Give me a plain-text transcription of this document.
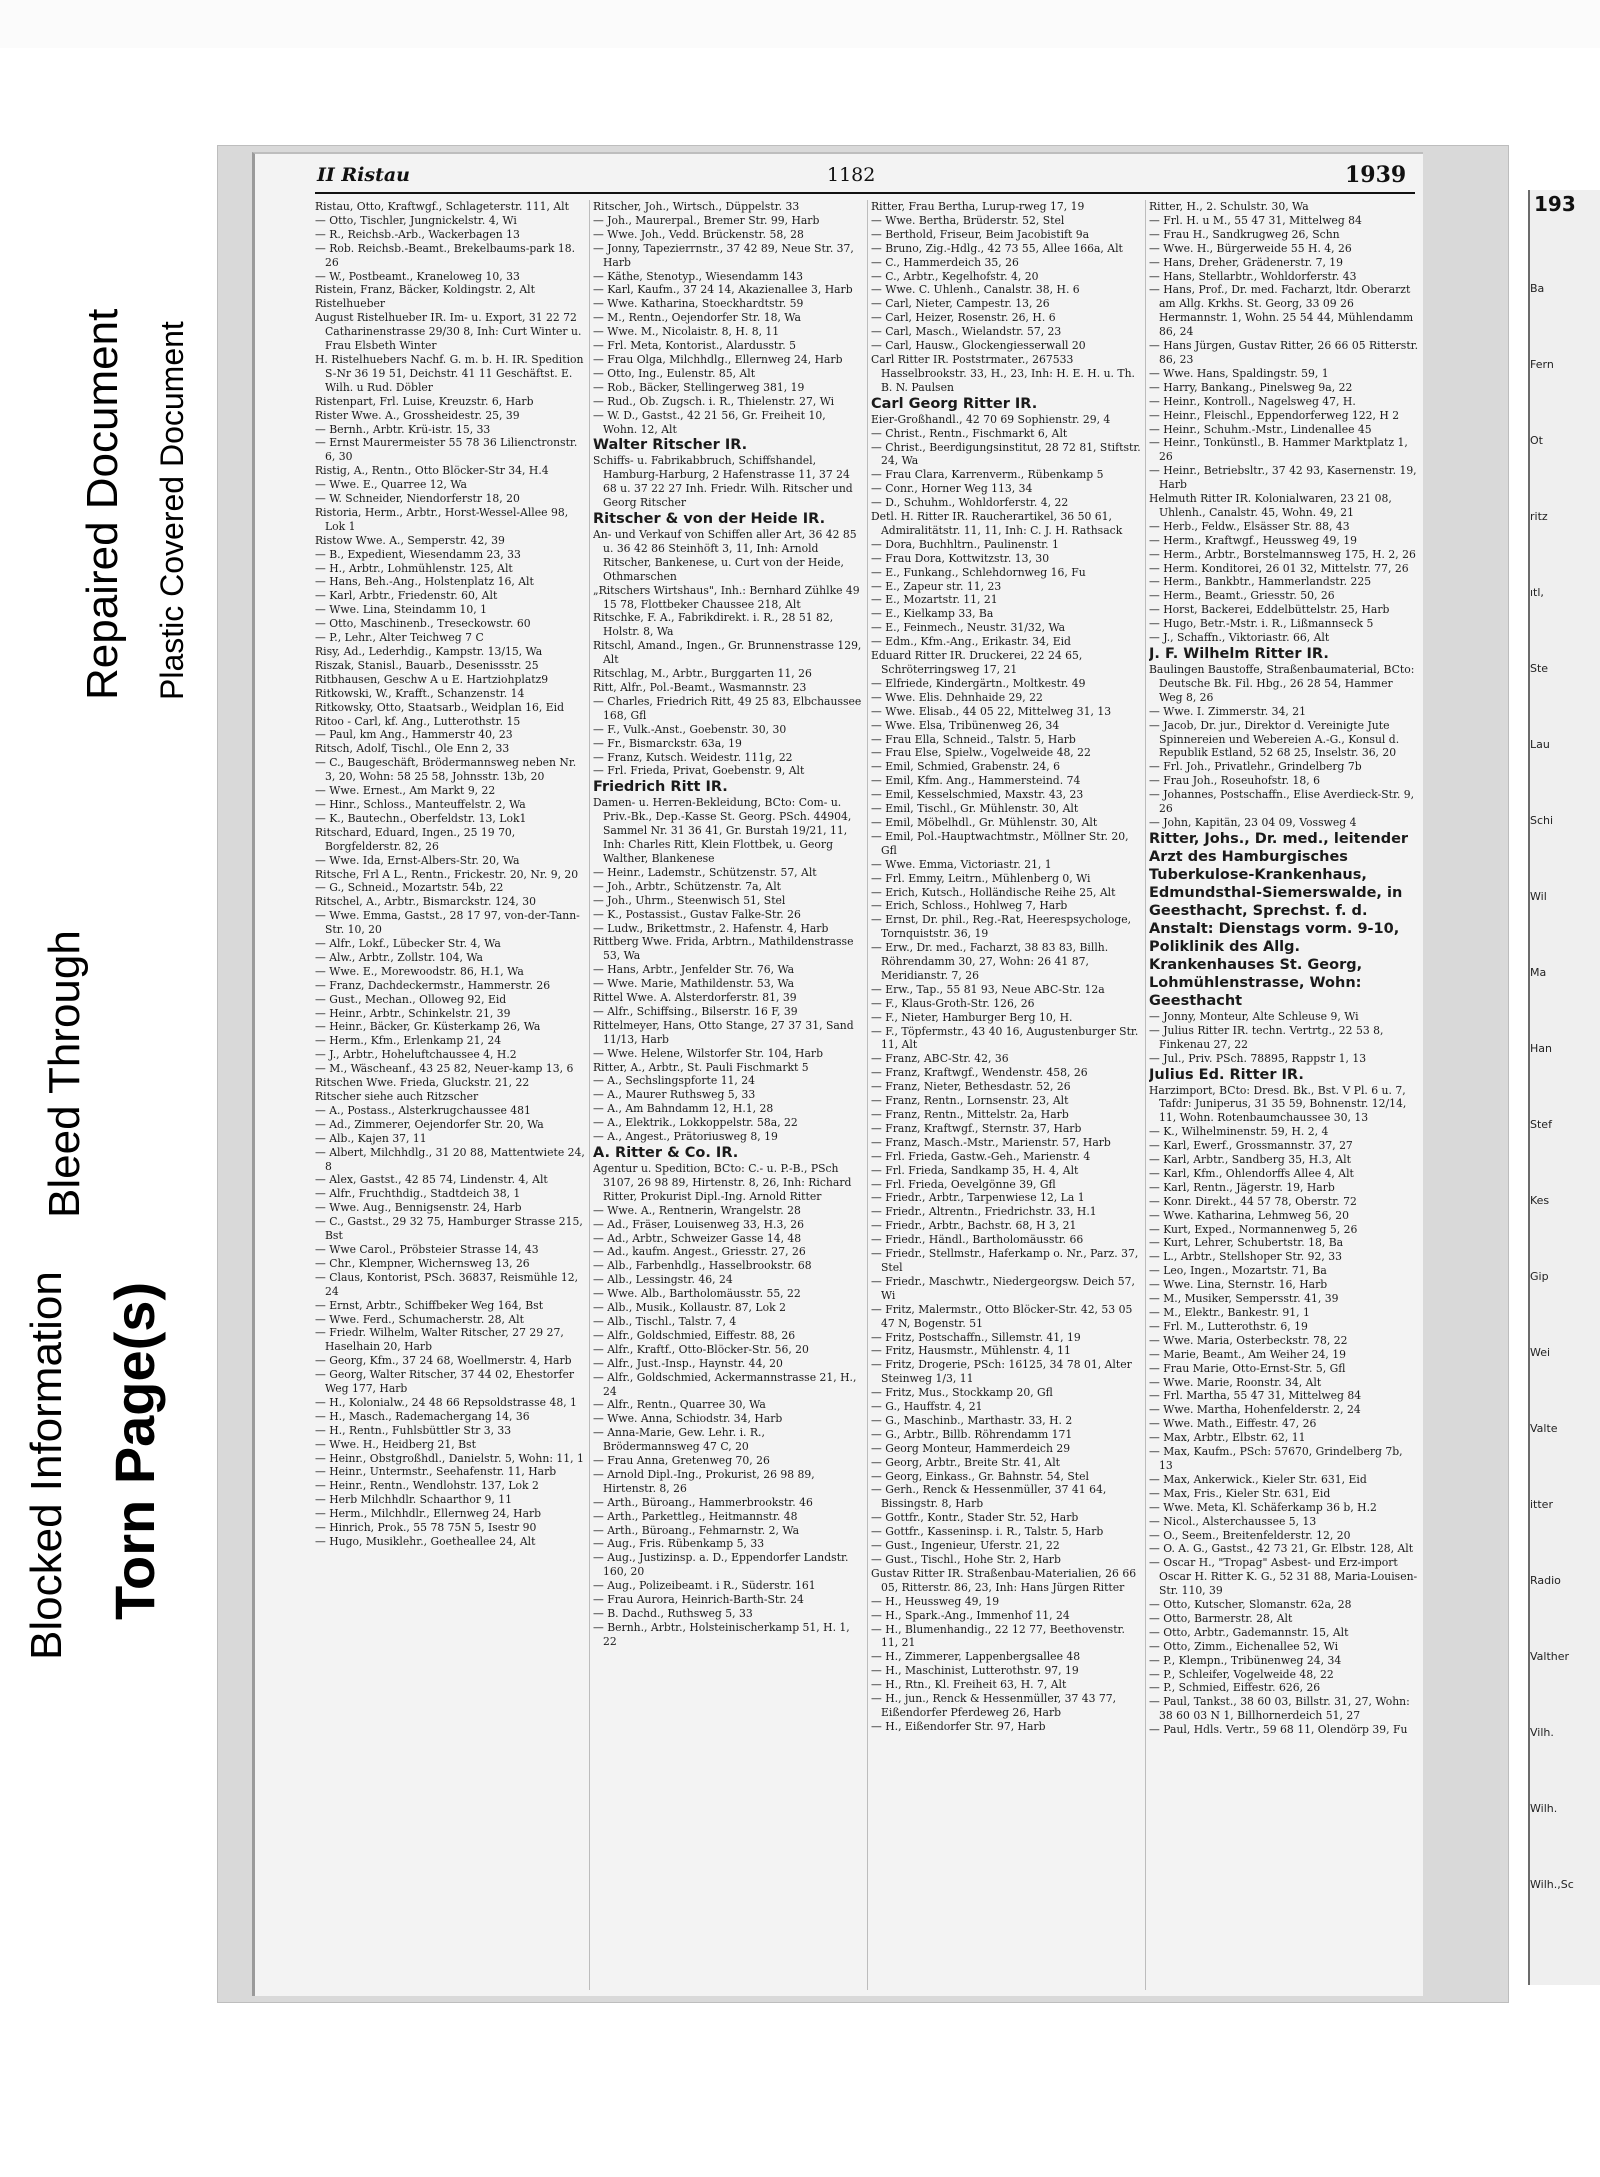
Blocked Information
Bleed Through
Repaired Document
Torn Page(s)
Plastic Covered Document
II Ristau	1182	1939

Ristau, Otto, Kraftwgf., Schlageterstr. 111, Alt

— Otto, Tischler, Jungnickelstr. 4, Wi

— R., Reichsb.-Arb., Wackerbagen 13

— Rob. Reichsb.-Beamt., Brekelbaums-park 18. 26

— W., Postbeamt., Kraneloweg 10, 33

Ristein, Franz, Bäcker, Koldingstr. 2, Alt

Ristelhueber

August Ristelhueber IR. Im- u. Export, 31 22 72 Catharinenstrasse 29/30 8, Inh: Curt Winter u. Frau Elsbeth Winter

H. Ristelhuebers Nachf. G. m. b. H. IR. Spedition S-Nr 36 19 51, Deichstr. 41 11 Geschäftst. E. Wilh. u Rud. Döbler

Ristenpart, Frl. Luise, Kreuzstr. 6, Harb

Rister Wwe. A., Grossheidestr. 25, 39

— Bernh., Arbtr. Krü-istr. 15, 33

— Ernst Maurermeister 55 78 36 Lilienctronstr. 6, 30

Ristig, A., Rentn., Otto Blöcker-Str 34, H.4

— Wwe. E., Quarree 12, Wa

— W. Schneider, Niendorferstr 18, 20

Ristoria, Herm., Arbtr., Horst-Wessel-Allee 98, Lok 1

Ristow Wwe. A., Semperstr. 42, 39

— B., Expedient, Wiesendamm 23, 33

— H., Arbtr., Lohmühlenstr. 125, Alt

— Hans, Beh.-Ang., Holstenplatz 16, Alt

— Karl, Arbtr., Friedenstr. 60, Alt

— Wwe. Lina, Steindamm 10, 1

— Otto, Maschinenb., Treseckowstr. 60

— P., Lehr., Alter Teichweg 7 C

Risy, Ad., Lederhdig., Kampstr. 13/15, Wa

Riszak, Stanisl., Bauarb., Desenissstr. 25

Ritbhausen, Geschw A u E. Hartziohplatz9

Ritkowski, W., Krafft., Schanzenstr. 14

Ritkowsky, Otto, Staatsarb., Weidplan 16, Eid

Ritoo - Carl, kf. Ang., Lutterothstr. 15

— Paul, km Ang., Hammerstr 40, 23

Ritsch, Adolf, Tischl., Ole Enn 2, 33

— C., Baugeschäft, Brödermannsweg neben Nr. 3, 20, Wohn: 58 25 58, Johnsstr. 13b, 20

— Wwe. Ernest., Am Markt 9, 22

— Hinr., Schloss., Manteuffelstr. 2, Wa

— K., Bautechn., Oberfeldstr. 13, Lok1

Ritschard, Eduard, Ingen., 25 19 70, Borgfelderstr. 82, 26

— Wwe. Ida, Ernst-Albers-Str. 20, Wa

Ritsche, Frl A L., Rentn., Frickestr. 20, Nr. 9, 20

— G., Schneid., Mozartstr. 54b, 22

Ritschel, A., Arbtr., Bismarckstr. 124, 30

— Wwe. Emma, Gastst., 28 17 97, von-der-Tann-Str. 10, 20

— Alfr., Lokf., Lübecker Str. 4, Wa

— Alw., Arbtr., Zollstr. 104, Wa

— Wwe. E., Morewoodstr. 86, H.1, Wa

— Franz, Dachdeckermstr., Hammerstr. 26

— Gust., Mechan., Olloweg 92, Eid

— Heinr., Arbtr., Schinkelstr. 21, 39

— Heinr., Bäcker, Gr. Küsterkamp 26, Wa

— Herm., Kfm., Erlenkamp 21, 24

— J., Arbtr., Hoheluftchaussee 4, H.2

— M., Wäscheanf., 43 25 82, Neuer-kamp 13, 6

Ritschen Wwe. Frieda, Gluckstr. 21, 22

Ritscher siehe auch Ritzscher

— A., Postass., Alsterkrugchaussee 481

— Ad., Zimmerer, Oejendorfer Str. 20, Wa

— Alb., Kajen 37, 11

— Albert, Milchhdlg., 31 20 88, Mattentwiete 24, 8

— Alex, Gastst., 42 85 74, Lindenstr. 4, Alt

— Alfr., Fruchthdig., Stadtdeich 38, 1

— Wwe. Aug., Bennigsenstr. 24, Harb

— C., Gastst., 29 32 75, Hamburger Strasse 215, Bst

— Wwe Carol., Pröbsteier Strasse 14, 43

— Chr., Klempner, Wichernsweg 13, 26

— Claus, Kontorist, PSch. 36837, Reismühle 12, 24

— Ernst, Arbtr., Schiffbeker Weg 164, Bst

— Wwe. Ferd., Schumacherstr. 28, Alt

— Friedr. Wilhelm, Walter Ritscher, 27 29 27, Haselhain 20, Harb

— Georg, Kfm., 37 24 68, Woellmerstr. 4, Harb

— Georg, Walter Ritscher, 37 44 02, Ehestorfer Weg 177, Harb

— H., Kolonialw., 24 48 66 Repsoldstrasse 48, 1

— H., Masch., Rademachergang 14, 36

— H., Rentn., Fuhlsbüttler Str 3, 33

— Wwe. H., Heidberg 21, Bst

— Heinr., Obstgroßhdl., Danielstr. 5, Wohn: 11, 1

— Heinr., Untermstr., Seehafenstr. 11, Harb

— Heinr., Rentn., Wendlohstr. 137, Lok 2

— Herb Milchhdlr. Schaarthor 9, 11

— Herm., Milchhdlr., Ellernweg 24, Harb

— Hinrich, Prok., 55 78 75N 5, Isestr 90

— Hugo, Musiklehr., Goetheallee 24, Alt

Ritscher, Joh., Wirtsch., Düppelstr. 33

— Joh., Maurerpal., Bremer Str. 99, Harb

— Wwe. Joh., Vedd. Brückenstr. 58, 28

— Jonny, Tapezierrnstr., 37 42 89, Neue Str. 37, Harb

— Käthe, Stenotyp., Wiesendamm 143

— Karl, Kaufm., 37 24 14, Akazienallee 3, Harb

— Wwe. Katharina, Stoeckhardtstr. 59

— M., Rentn., Oejendorfer Str. 18, Wa

— Wwe. M., Nicolaistr. 8, H. 8, 11

— Frl. Meta, Kontorist., Alardusstr. 5

— Frau Olga, Milchhdlg., Ellernweg 24, Harb

— Otto, Ing., Eulenstr. 85, Alt

— Rob., Bäcker, Stellingerweg 381, 19

— Rud., Ob. Zugsch. i. R., Thielenstr. 27, Wi

— W. D., Gastst., 42 21 56, Gr. Freiheit 10, Wohn. 12, Alt

Walter Ritscher IR.

Schiffs- u. Fabrikabbruch, Schiffshandel, Hamburg-Harburg, 2 Hafenstrasse 11, 37 24 68 u. 37 22 27 Inh. Friedr. Wilh. Ritscher und Georg Ritscher

Ritscher & von der Heide IR.

An- und Verkauf von Schiffen aller Art, 36 42 85 u. 36 42 86 Steinhöft 3, 11, Inh: Arnold Ritscher, Bankenese, u. Curt von der Heide, Othmarschen

„Ritschers Wirtshaus", Inh.: Bernhard Zühlke 49 15 78, Flottbeker Chaussee 218, Alt

Ritschke, F. A., Fabrikdirekt. i. R., 28 51 82, Holstr. 8, Wa

Ritschl, Amand., Ingen., Gr. Brunnenstrasse 129, Alt

Ritschlag, M., Arbtr., Burggarten 11, 26

Ritt, Alfr., Pol.-Beamt., Wasmannstr. 23

— Charles, Friedrich Ritt, 49 25 83, Elbchaussee 168, Gfl

— F., Vulk.-Anst., Goebenstr. 30, 30

— Fr., Bismarckstr. 63a, 19

— Franz, Kutsch. Weidestr. 111g, 22

— Frl. Frieda, Privat, Goebenstr. 9, Alt

Friedrich Ritt IR.

Damen- u. Herren-Bekleidung, BCto: Com- u. Priv.-Bk., Dep.-Kasse St. Georg. PSch. 44904, Sammel Nr. 31 36 41, Gr. Burstah 19/21, 11, Inh: Charles Ritt, Klein Flottbek, u. Georg Walther, Blankenese

— Heinr., Lademstr., Schützenstr. 57, Alt

— Joh., Arbtr., Schützenstr. 7a, Alt

— Joh., Uhrm., Steenwisch 51, Stel

— K., Postassist., Gustav Falke-Str. 26

— Ludw., Brikettmstr., 2. Hafenstr. 4, Harb

Rittberg Wwe. Frida, Arbtrn., Mathildenstrasse 53, Wa

— Hans, Arbtr., Jenfelder Str. 76, Wa

— Wwe. Marie, Mathildenstr. 53, Wa

Rittel Wwe. A. Alsterdorferstr. 81, 39

— Alfr., Schiffsing., Bilserstr. 16 F, 39

Rittelmeyer, Hans, Otto Stange, 27 37 31, Sand 11/13, Harb

— Wwe. Helene, Wilstorfer Str. 104, Harb

Ritter, A., Arbtr., St. Pauli Fischmarkt 5

— A., Sechslingspforte 11, 24

— A., Maurer Ruthsweg 5, 33

— A., Am Bahndamm 12, H.1, 28

— A., Elektrik., Lokkoppelstr. 58a, 22

— A., Angest., Prätoriusweg 8, 19

A. Ritter & Co. IR.

Agentur u. Spedition, BCto: C.- u. P.-B., PSch 3107, 26 98 89, Hirtenstr. 8, 26, Inh: Richard Ritter, Prokurist Dipl.-Ing. Arnold Ritter

— Wwe. A., Rentnerin, Wrangelstr. 28

— Ad., Fräser, Louisenweg 33, H.3, 26

— Ad., Arbtr., Schweizer Gasse 14, 48

— Ad., kaufm. Angest., Griesstr. 27, 26

— Alb., Farbenhdlg., Hasselbrookstr. 68

— Alb., Lessingstr. 46, 24

— Wwe. Alb., Bartholomäusstr. 55, 22

— Alb., Musik., Kollaustr. 87, Lok 2

— Alb., Tischl., Talstr. 7, 4

— Alfr., Goldschmied, Eiffestr. 88, 26

— Alfr., Kraftf., Otto-Blöcker-Str. 56, 20

— Alfr., Just.-Insp., Haynstr. 44, 20

— Alfr., Goldschmied, Ackermannstrasse 21, H., 24

— Alfr., Rentn., Quarree 30, Wa

— Wwe. Anna, Schiodstr. 34, Harb

— Anna-Marie, Gew. Lehr. i. R., Brödermannsweg 47 C, 20

— Frau Anna, Gretenweg 70, 26

— Arnold Dipl.-Ing., Prokurist, 26 98 89, Hirtenstr. 8, 26

— Arth., Büroang., Hammerbrookstr. 46

— Arth., Parkettleg., Heitmannstr. 48

— Arth., Büroang., Fehmarnstr. 2, Wa

— Aug., Fris. Rübenkamp 5, 33

— Aug., Justizinsp. a. D., Eppendorfer Landstr. 160, 20

— Aug., Polizeibeamt. i R., Süderstr. 161

— Frau Aurora, Heinrich-Barth-Str. 24

— B. Dachd., Ruthsweg 5, 33

— Bernh., Arbtr., Holsteinischerkamp 51, H. 1, 22

Ritter, Frau Bertha, Lurup-rweg 17, 19

— Wwe. Bertha, Brüderstr. 52, Stel

— Berthold, Friseur, Beim Jacobistift 9a

— Bruno, Zig.-Hdlg., 42 73 55, Allee 166a, Alt

— C., Hammerdeich 35, 26

— C., Arbtr., Kegelhofstr. 4, 20

— Wwe. C. Uhlenh., Canalstr. 38, H. 6

— Carl, Nieter, Campestr. 13, 26

— Carl, Heizer, Rosenstr. 26, H. 6

— Carl, Masch., Wielandstr. 57, 23

— Carl, Hausw., Glockengiesserwall 20

Carl Ritter IR. Poststrmater., 267533 Hasselbrookstr. 33, H., 23, Inh: H. E. H. u. Th. B. N. Paulsen

Carl Georg Ritter IR.

Eier-Großhandl., 42 70 69 Sophienstr. 29, 4

— Christ., Rentn., Fischmarkt 6, Alt

— Christ., Beerdigungsinstitut, 28 72 81, Stiftstr. 24, Wa

— Frau Clara, Karrenverm., Rübenkamp 5

— Conr., Horner Weg 113, 34

— D., Schuhm., Wohldorferstr. 4, 22

Detl. H. Ritter IR. Raucherartikel, 36 50 61, Admiralitätstr. 11, 11, Inh: C. J. H. Rathsack

— Dora, Buchhltrn., Paulinenstr. 1

— Frau Dora, Kottwitzstr. 13, 30

— E., Funkang., Schlehdornweg 16, Fu

— E., Zapeur str. 11, 23

— E., Mozartstr. 11, 21

— E., Kielkamp 33, Ba

— E., Feinmech., Neustr. 31/32, Wa

— Edm., Kfm.-Ang., Erikastr. 34, Eid

Eduard Ritter IR. Druckerei, 22 24 65, Schröterringsweg 17, 21

— Elfriede, Kindergärtn., Moltkestr. 49

— Wwe. Elis. Dehnhaide 29, 22

— Wwe. Elisab., 44 05 22, Mittelweg 31, 13

— Wwe. Elsa, Tribünenweg 26, 34

— Frau Ella, Schneid., Talstr. 5, Harb

— Frau Else, Spielw., Vogelweide 48, 22

— Emil, Schmied, Grabenstr. 24, 6

— Emil, Kfm. Ang., Hammersteind. 74

— Emil, Kesselschmied, Maxstr. 43, 23

— Emil, Tischl., Gr. Mühlenstr. 30, Alt

— Emil, Möbelhdl., Gr. Mühlenstr. 30, Alt

— Emil, Pol.-Hauptwachtmstr., Möllner Str. 20, Gfl

— Wwe. Emma, Victoriastr. 21, 1

— Frl. Emmy, Leitrn., Mühlenberg 0, Wi

— Erich, Kutsch., Holländische Reihe 25, Alt

— Erich, Schloss., Hohlweg 7, Harb

— Ernst, Dr. phil., Reg.-Rat, Heerespsychologe, Tornquiststr. 36, 19

— Erw., Dr. med., Facharzt, 38 83 83, Billh. Röhrendamm 30, 27, Wohn: 26 41 87, Meridianstr. 7, 26

— Erw., Tap., 55 81 93, Neue ABC-Str. 12a

— F., Klaus-Groth-Str. 126, 26

— F., Nieter, Hamburger Berg 10, H.

— F., Töpfermstr., 43 40 16, Augustenburger Str. 11, Alt

— Franz, ABC-Str. 42, 36

— Franz, Kraftwgf., Wendenstr. 458, 26

— Franz, Nieter, Bethesdastr. 52, 26

— Franz, Rentn., Lornsenstr. 23, Alt

— Franz, Rentn., Mittelstr. 2a, Harb

— Franz, Kraftwgf., Sternstr. 37, Harb

— Franz, Masch.-Mstr., Marienstr. 57, Harb

— Frl. Frieda, Gastw.-Geh., Marienstr. 4

— Frl. Frieda, Sandkamp 35, H. 4, Alt

— Frl. Frieda, Oevelgönne 39, Gfl

— Friedr., Arbtr., Tarpenwiese 12, La 1

— Friedr., Altrentn., Friedrichstr. 33, H.1

— Friedr., Arbtr., Bachstr. 68, H 3, 21

— Friedr., Händl., Bartholomäusstr. 66

— Friedr., Stellmstr., Haferkamp o. Nr., Parz. 37, Stel

— Friedr., Maschwtr., Niedergeorgsw. Deich 57, Wi

— Fritz, Malermstr., Otto Blöcker-Str. 42, 53 05 47 N, Bogenstr. 51

— Fritz, Postschaffn., Sillemstr. 41, 19

— Fritz, Hausmstr., Mühlenstr. 4, 11

— Fritz, Drogerie, PSch: 16125, 34 78 01, Alter Steinweg 1/3, 11

— Fritz, Mus., Stockkamp 20, Gfl

— G., Hauffstr. 4, 21

— G., Maschinb., Marthastr. 33, H. 2

— G., Arbtr., Billb. Röhrendamm 171

— Georg Monteur, Hammerdeich 29

— Georg, Arbtr., Breite Str. 41, Alt

— Georg, Einkass., Gr. Bahnstr. 54, Stel

— Gerh., Renck & Hessenmüller, 37 41 64, Bissingstr. 8, Harb

— Gottfr., Kontr., Stader Str. 52, Harb

— Gottfr., Kasseninsp. i. R., Talstr. 5, Harb

— Gust., Ingenieur, Uferstr. 21, 22

— Gust., Tischl., Hohe Str. 2, Harb

Gustav Ritter IR. Straßenbau-Materialien, 26 66 05, Ritterstr. 86, 23, Inh: Hans Jürgen Ritter

— H., Heussweg 49, 19

— H., Spark.-Ang., Immenhof 11, 24

— H., Blumenhandig., 22 12 77, Beethovenstr. 11, 21

— H., Zimmerer, Lappenbergsallee 48

— H., Maschinist, Lutterothstr. 97, 19

— H., Rtn., Kl. Freiheit 63, H. 7, Alt

— H., jun., Renck & Hessenmüller, 37 43 77, Eißendorfer Pferdeweg 26, Harb

— H., Eißendorfer Str. 97, Harb

Ritter, H., 2. Schulstr. 30, Wa

— Frl. H. u M., 55 47 31, Mittelweg 84

— Frau H., Sandkrugweg 26, Schn

— Wwe. H., Bürgerweide 55 H. 4, 26

— Hans, Dreher, Grädenerstr. 7, 19

— Hans, Stellarbtr., Wohldorferstr. 43

— Hans, Prof., Dr. med. Facharzt, ltdr. Oberarzt am Allg. Krkhs. St. Georg, 33 09 26 Hermannstr. 1, Wohn. 25 54 44, Mühlendamm 86, 24

— Hans Jürgen, Gustav Ritter, 26 66 05 Ritterstr. 86, 23

— Wwe. Hans, Spaldingstr. 59, 1

— Harry, Bankang., Pinelsweg 9a, 22

— Heinr., Kontroll., Nagelsweg 47, H.

— Heinr., Fleischl., Eppendorferweg 122, H 2

— Heinr., Schuhm.-Mstr., Lindenallee 45

— Heinr., Tonkünstl., B. Hammer Marktplatz 1, 26

— Heinr., Betriebsltr., 37 42 93, Kasernenstr. 19, Harb

Helmuth Ritter IR. Kolonialwaren, 23 21 08, Uhlenh., Canalstr. 45, Wohn. 49, 21

— Herb., Feldw., Elsässer Str. 88, 43

— Herm., Kraftwgf., Heussweg 49, 19

— Herm., Arbtr., Borstelmannsweg 175, H. 2, 26

— Herm. Konditorei, 26 01 32, Mittelstr. 77, 26

— Herm., Bankbtr., Hammerlandstr. 225

— Herm., Beamt., Griesstr. 50, 26

— Horst, Backerei, Eddelbüttelstr. 25, Harb

— Hugo, Betr.-Mstr. i. R., Lißmannseck 5

— J., Schaffn., Viktoriastr. 66, Alt

J. F. Wilhelm Ritter IR.

Baulingen Baustoffe, Straßenbaumaterial, BCto: Deutsche Bk. Fil. Hbg., 26 28 54, Hammer Weg 8, 26

— Wwe. I. Zimmerstr. 34, 21

— Jacob, Dr. jur., Direktor d. Vereinigte Jute Spinnereien und Webereien A.-G., Konsul d. Republik Estland, 52 68 25, Inselstr. 36, 20

— Frl. Joh., Privatlehr., Grindelberg 7b

— Frau Joh., Roseuhofstr. 18, 6

— Johannes, Postschaffn., Elise Averdieck-Str. 9, 26

— John, Kapitän, 23 04 09, Vossweg 4

Ritter, Johs., Dr. med., leitender Arzt des Hamburgisches Tuberkulose-Krankenhaus, Edmundsthal-Siemerswalde, in Geesthacht, Sprechst. f. d. Anstalt: Dienstags vorm. 9-10, Poliklinik des Allg. Krankenhauses St. Georg, Lohmühlenstrasse, Wohn: Geesthacht

— Jonny, Monteur, Alte Schleuse 9, Wi

— Julius Ritter IR. techn. Vertrtg., 22 53 8, Finkenau 27, 22

— Jul., Priv. PSch. 78895, Rappstr 1, 13

Julius Ed. Ritter IR.

Harzimport, BCto: Dresd. Bk., Bst. V Pl. 6 u. 7, Tafdr: Juniperus, 31 35 59, Bohnenstr. 12/14, 11, Wohn. Rotenbaumchaussee 30, 13

— K., Wilhelminenstr. 59, H. 2, 4

— Karl, Ewerf., Grossmannstr. 37, 27

— Karl, Arbtr., Sandberg 35, H.3, Alt

— Karl, Kfm., Ohlendorffs Allee 4, Alt

— Karl, Rentn., Jägerstr. 19, Harb

— Konr. Direkt., 44 57 78, Oberstr. 72

— Wwe. Katharina, Lehmweg 56, 20

— Kurt, Exped., Normannenweg 5, 26

— Kurt, Lehrer, Schubertstr. 18, Ba

— L., Arbtr., Stellshoper Str. 92, 33

— Leo, Ingen., Mozartstr. 71, Ba

— Wwe. Lina, Sternstr. 16, Harb

— M., Musiker, Sempersstr. 41, 39

— M., Elektr., Bankestr. 91, 1

— Frl. M., Lutterothstr. 6, 19

— Wwe. Maria, Osterbeckstr. 78, 22

— Marie, Beamt., Am Weiher 24, 19

— Frau Marie, Otto-Ernst-Str. 5, Gfl

— Wwe. Marie, Roonstr. 34, Alt

— Frl. Martha, 55 47 31, Mittelweg 84

— Wwe. Martha, Hohenfelderstr. 2, 24

— Wwe. Math., Eiffestr. 47, 26

— Max, Arbtr., Elbstr. 62, 11

— Max, Kaufm., PSch: 57670, Grindelberg 7b, 13

— Max, Ankerwick., Kieler Str. 631, Eid

— Max, Fris., Kieler Str. 631, Eid

— Wwe. Meta, Kl. Schäferkamp 36 b, H.2

— Nicol., Alsterchaussee 5, 13

— O., Seem., Breitenfelderstr. 12, 20

— O. A. G., Gastst., 42 73 21, Gr. Elbstr. 128, Alt

— Oscar H., "Tropag" Asbest- und Erz-import Oscar H. Ritter K. G., 52 31 88, Maria-Louisen-Str. 110, 39

— Otto, Kutscher, Slomanstr. 62a, 28

— Otto, Barmerstr. 28, Alt

— Otto, Arbtr., Gademannstr. 15, Alt

— Otto, Zimm., Eichenallee 52, Wi

— P., Klempn., Tribünenweg 24, 34

— P., Schleifer, Vogelweide 48, 22

— P., Schmied, Eiffestr. 626, 26

— Paul, Tankst., 38 60 03, Billstr. 31, 27, Wohn: 38 60 03 N 1, Billhornerdeich 51, 27

— Paul, Hdls. Vertr., 59 68 11, Olendörp 39, Fu

193
Ba
Fern
Ot
ritz
ıtl,
Ste
Lau
Schi
Wil
Ma
Han
Stef
Kes
Gip
Wei
Valte
itter
Radio
Valther
Vilh.
Wilh.
Wilh.,Sc
